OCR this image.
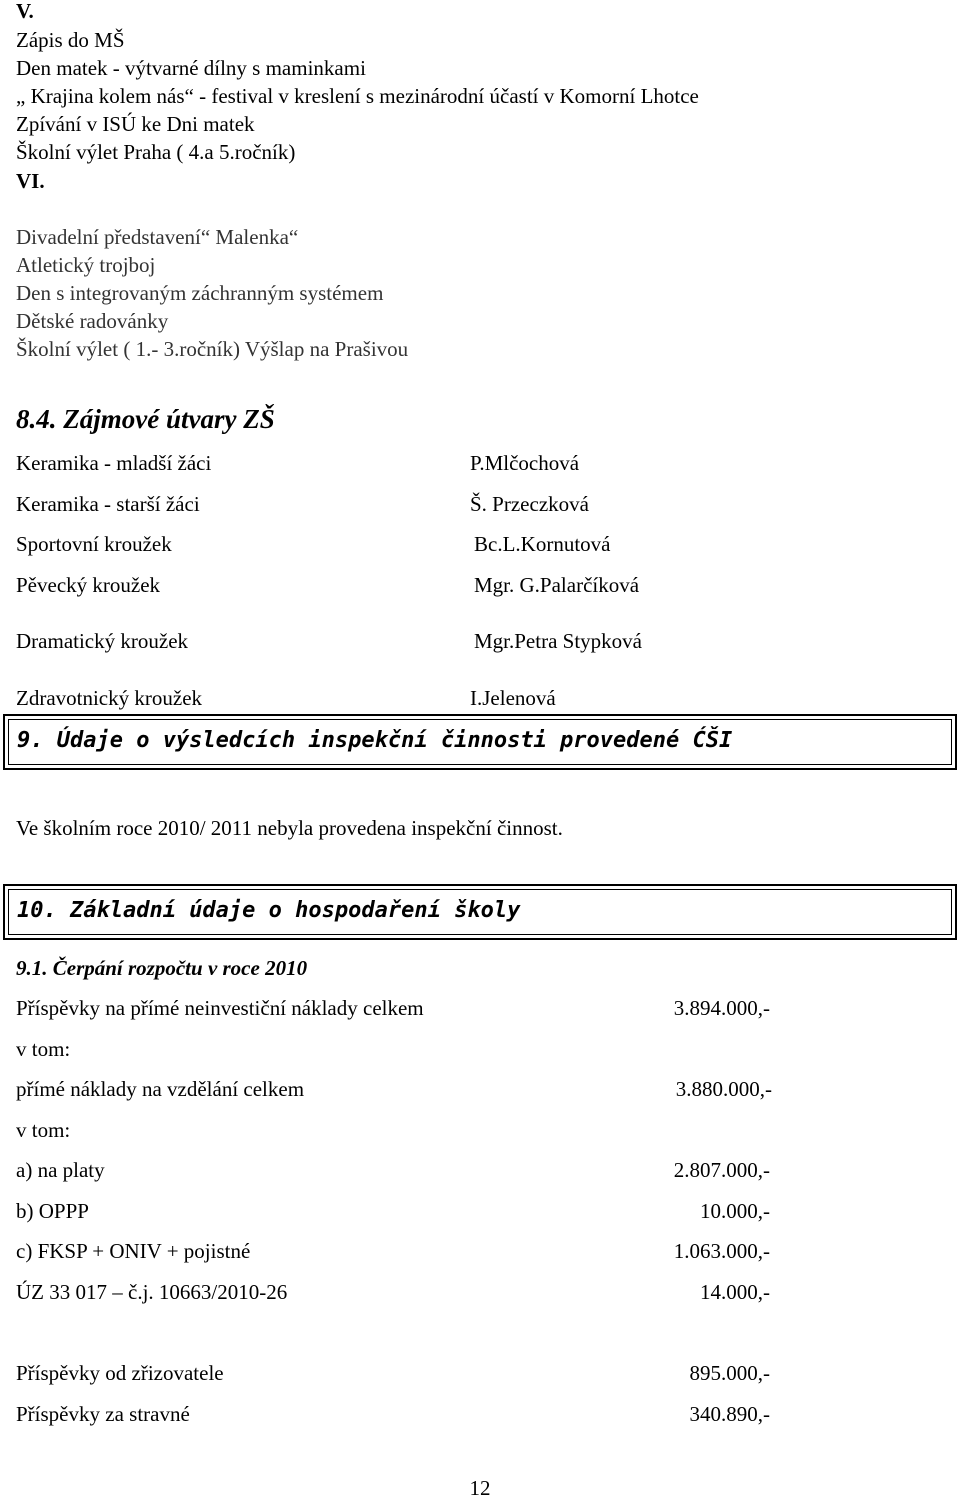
V.
Zápis do MŠ
Den matek - výtvarné dílny s maminkami
„ Krajina kolem nás“ - festival v kreslení s mezinárodní účastí v Komorní Lhotce
Zpívání v ISÚ ke Dni matek
Školní výlet Praha ( 4.a 5.ročník)
VI.
Divadelní představení“ Malenka“
Atletický trojboj
Den s integrovaným záchranným systémem
Dětské radovánky
Školní výlet ( 1.- 3.ročník) Výšlap na Prašivou
8.4. Zájmové útvary ZŠ
Keramika - mladší žáci	P.Mlčochová
Keramika - starší žáci	Š. Przeczková
Sportovní kroužek	Bc.L.Kornutová
Pěvecký kroužek	Mgr. G.Palarčíková
Dramatický kroužek	Mgr.Petra Stypková
Zdravotnický kroužek	I.Jelenová
9. Údaje o výsledcích inspekční činnosti provedené ĆŠI
Ve školním roce 2010/ 2011 nebyla provedena inspekční činnost.
10. Základní údaje o hospodaření školy
9.1. Čerpání rozpočtu v roce 2010
Příspěvky na přímé neinvestiční náklady celkem	3.894.000,-
v tom:
přímé náklady na vzdělání celkem	3.880.000,-
v tom:
a) na platy	2.807.000,-
b) OPPP	10.000,-
c) FKSP + ONIV + pojistné	1.063.000,-
ÚZ 33 017 – č.j. 10663/2010-26	14.000,-
Příspěvky od zřizovatele	895.000,-
Příspěvky za stravné	340.890,-
12
